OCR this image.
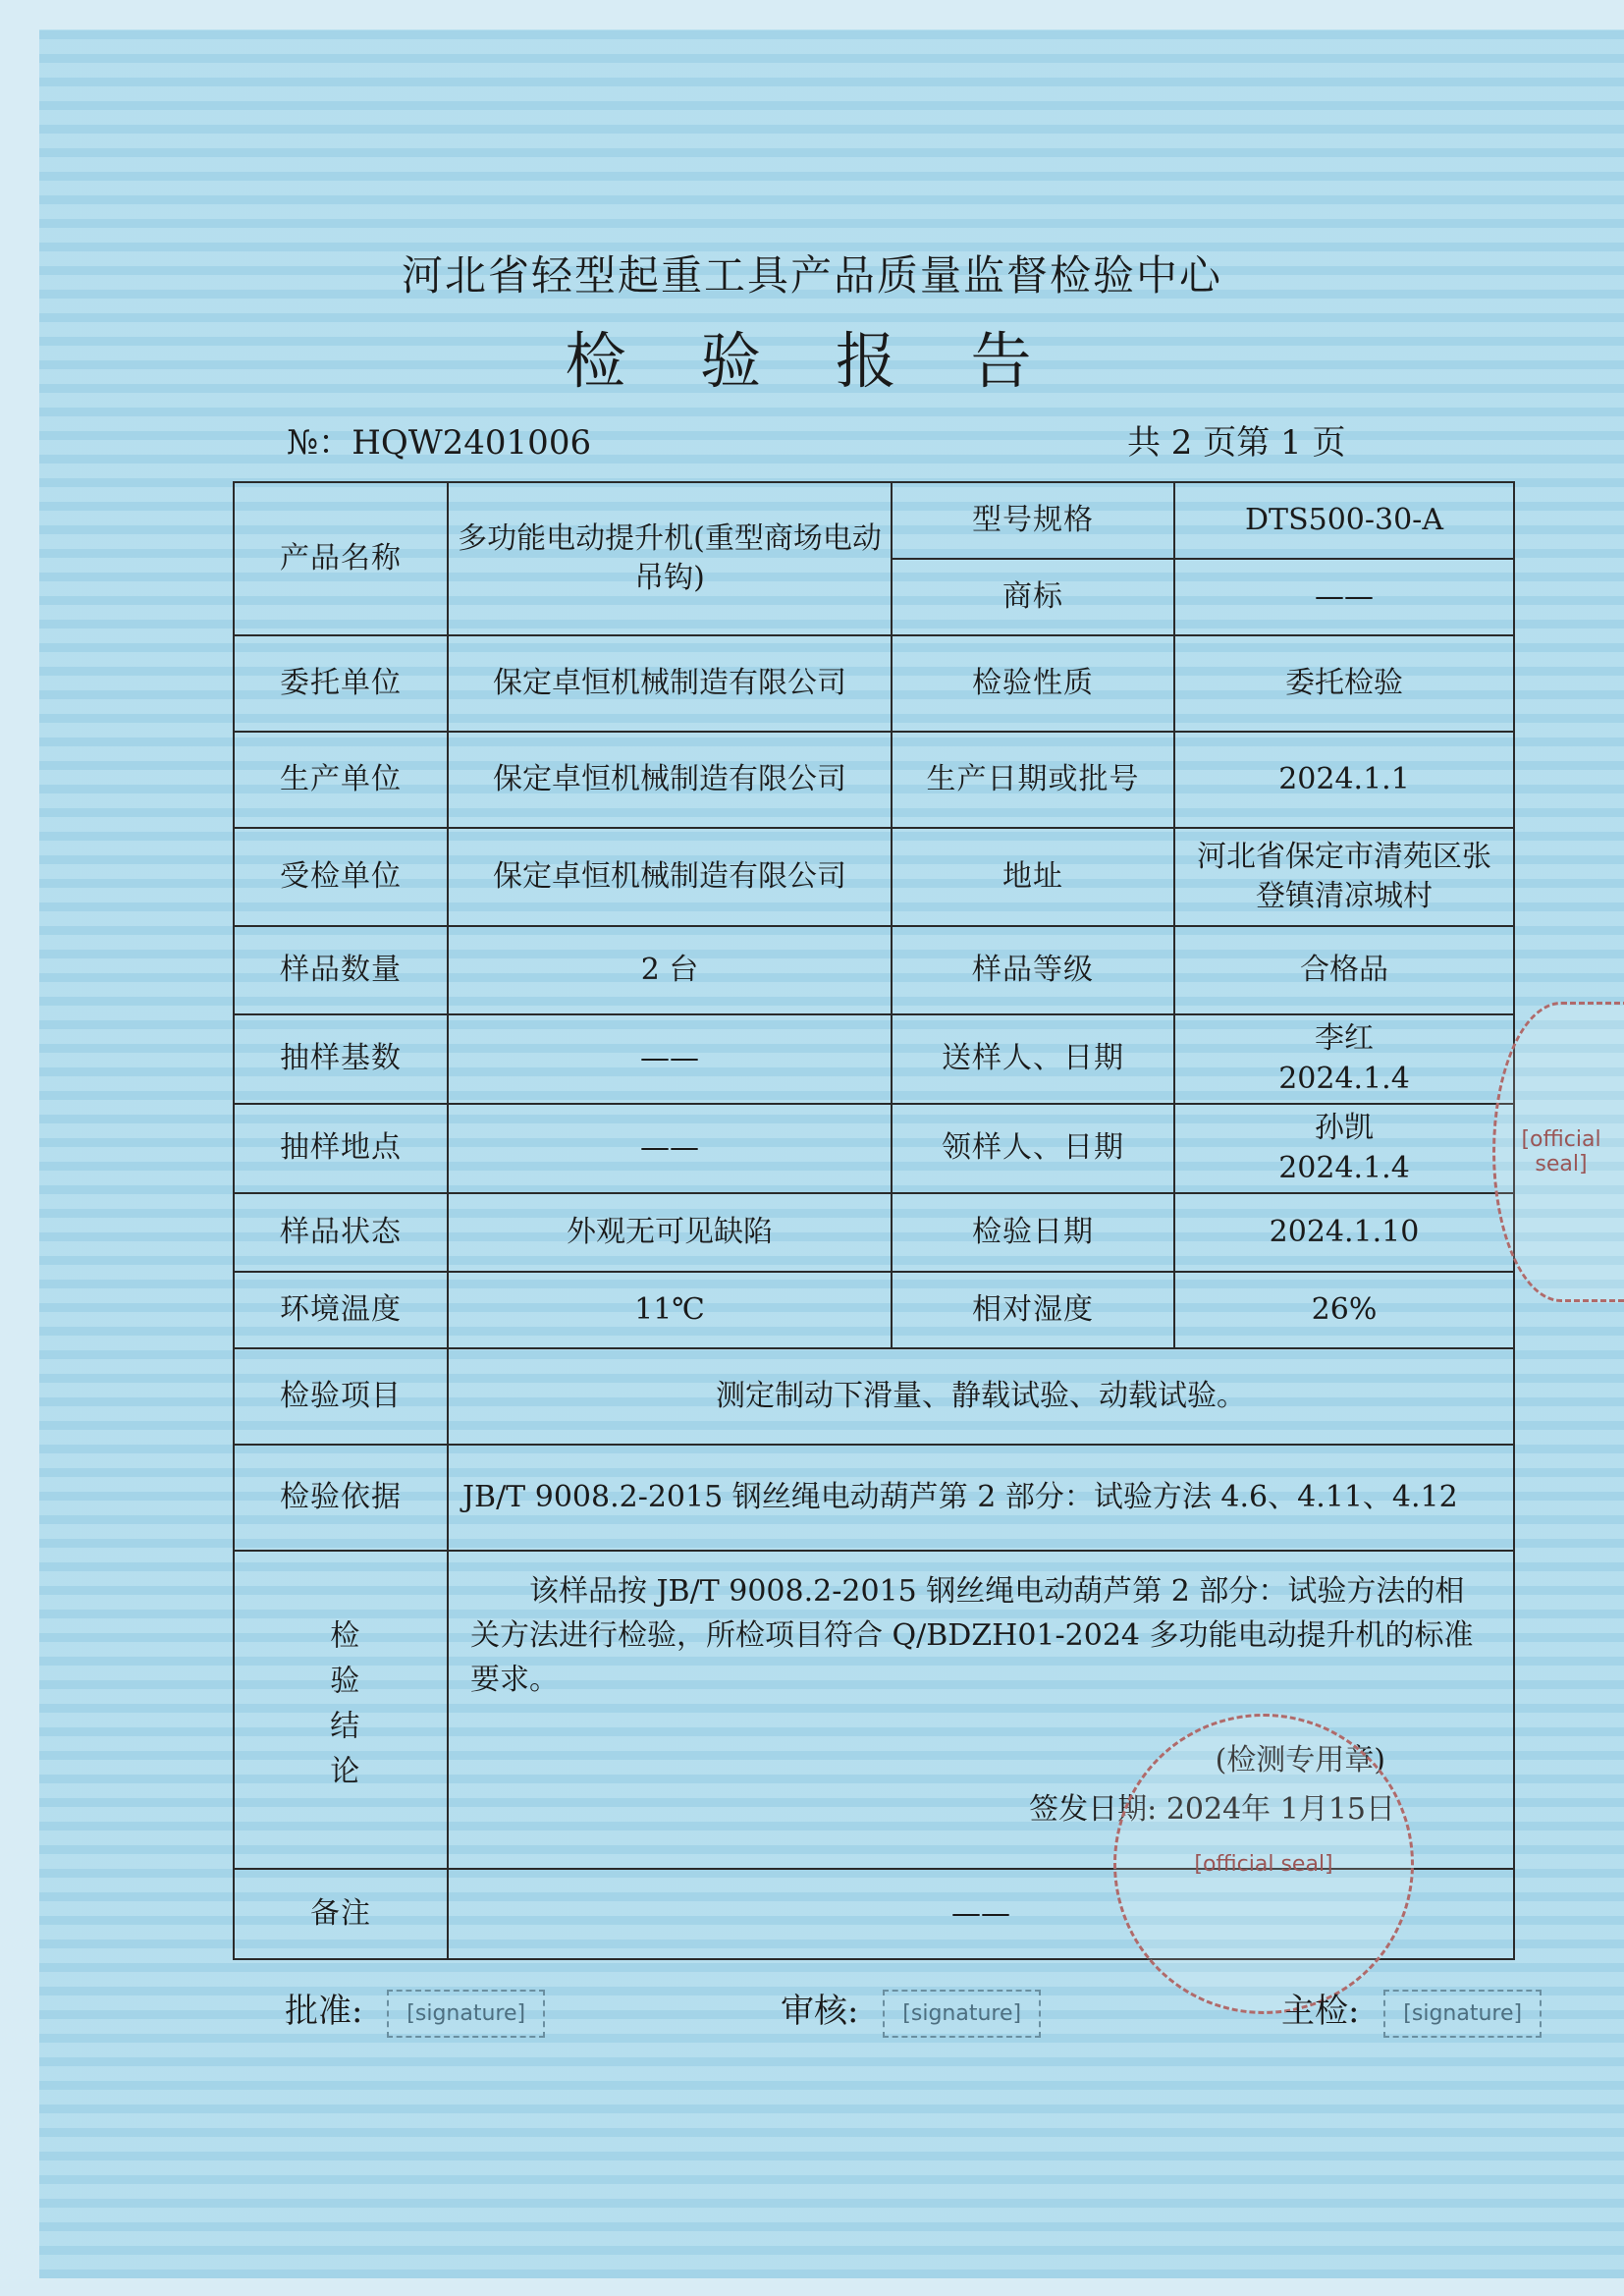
河北省轻型起重工具产品质量监督检验中心
检 验 报 告
№：HQW2401006	共 2 页第 1 页
产品名称	多功能电动提升机(重型商场电动吊钩)	型号规格	DTS500-30-A
		商标	——
委托单位	保定卓恒机械制造有限公司	检验性质	委托检验
生产单位	保定卓恒机械制造有限公司	生产日期或批号	2024.1.1
受检单位	保定卓恒机械制造有限公司	地址	河北省保定市清苑区张登镇清凉城村
样品数量	2 台	样品等级	合格品
抽样基数	——	送样人、日期	李红
2024.1.4

抽样地点	——	领样人、日期	孙凯
2024.1.4

样品状态	外观无可见缺陷	检验日期	2024.1.10
环境温度	11℃	相对湿度	26%
检验项目	测定制动下滑量、静载试验、动载试验。		
检验依据	JB/T 9008.2-2015 钢丝绳电动葫芦第 2 部分：试验方法 4.6、4.11、4.12		

检验结论	该样品按 JB/T 9008.2-2015 钢丝绳电动葫芦第 2 部分：试验方法的相关方法进行检验，所检项目符合 Q/BDZH01-2024 多功能电动提升机的标准要求。
(检测专用章)
签发日期: 2024年 1月15日		

备注	——		
[official seal]
[official seal]
批准: [signature]	审核: [signature]	主检: [signature]
